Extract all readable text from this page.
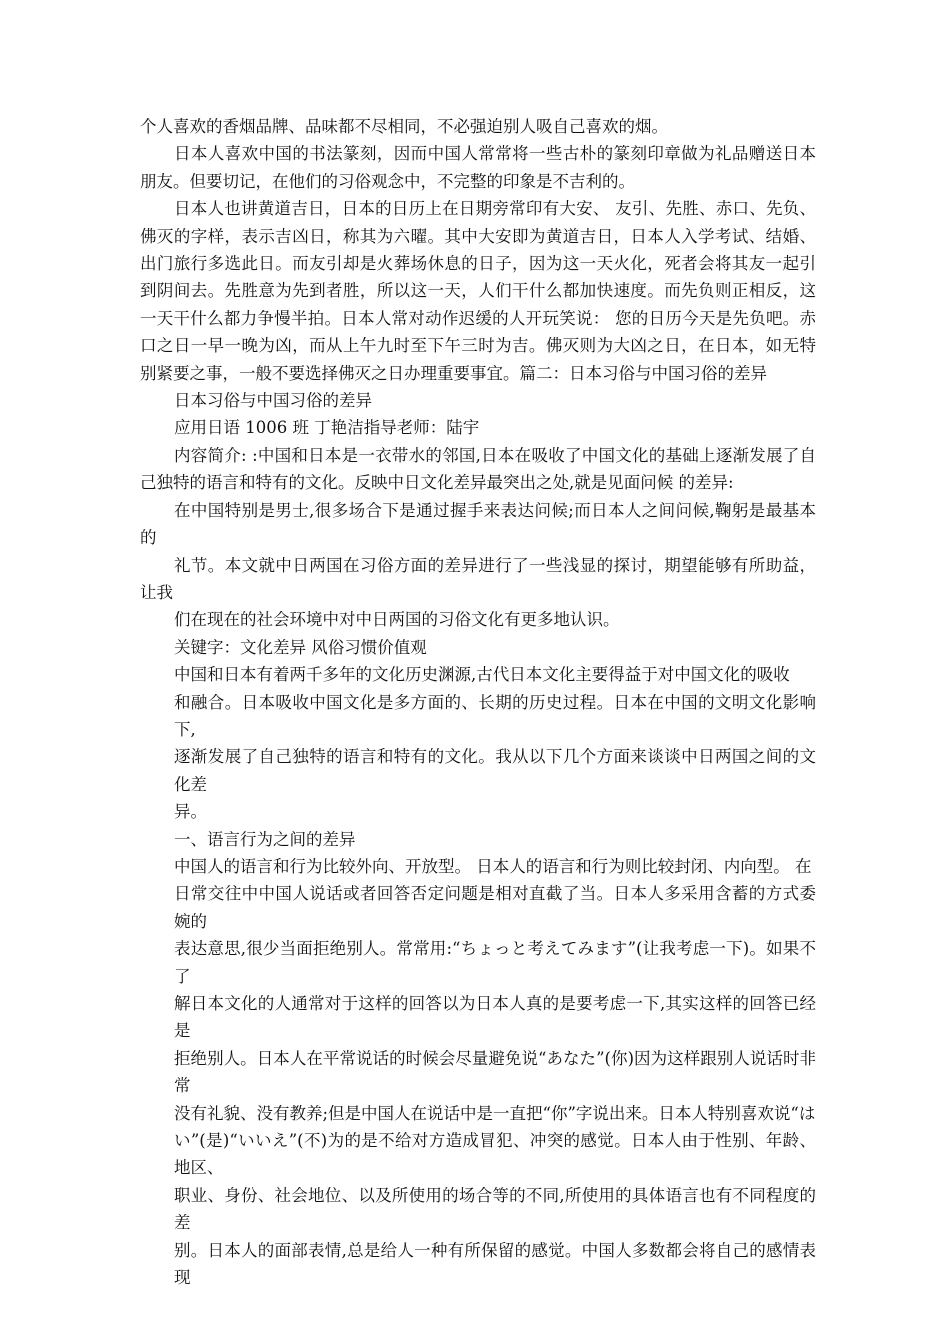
个人喜欢的香烟品牌、品味都不尽相同，不必强迫别人吸自己喜欢的烟。

日本人喜欢中国的书法篆刻，因而中国人常常将一些古朴的篆刻印章做为礼品赠送日本朋友。但要切记，在他们的习俗观念中，不完整的印象是不吉利的。

日本人也讲黄道吉日，日本的日历上在日期旁常印有大安、 友引、先胜、赤口、先负、佛灭的字样，表示吉凶日，称其为六曜。其中大安即为黄道吉日，日本人入学考试、结婚、出门旅行多选此日。而友引却是火葬场休息的日子，因为这一天火化，死者会将其友一起引到阴间去。先胜意为先到者胜，所以这一天，人们干什么都加快速度。而先负则正相反，这一天干什么都力争慢半拍。日本人常对动作迟缓的人开玩笑说： 您的日历今天是先负吧。赤口之日一早一晚为凶，而从上午九时至下午三时为吉。佛灭则为大凶之日，在日本，如无特别紧要之事，一般不要选择佛灭之日办理重要事宜。篇二：日本习俗与中国习俗的差异

日本习俗与中国习俗的差异

应用日语 1006 班 丁艳洁指导老师：陆宇

内容简介: :中国和日本是一衣带水的邻国,日本在吸收了中国文化的基础上逐渐发展了自己独特的语言和特有的文化。反映中日文化差异最突出之处,就是见面问候 的差异:

在中国特别是男士,很多场合下是通过握手来表达问候;而日本人之间问候,鞠躬是最基本的

礼节。本文就中日两国在习俗方面的差异进行了一些浅显的探讨，期望能够有所助益，让我

们在现在的社会环境中对中日两国的习俗文化有更多地认识。

关键字：文化差异 风俗习惯价值观

中国和日本有着两千多年的文化历史渊源,古代日本文化主要得益于对中国文化的吸收

和融合。日本吸收中国文化是多方面的、长期的历史过程。日本在中国的文明文化影响下,

逐渐发展了自己独特的语言和特有的文化。我从以下几个方面来谈谈中日两国之间的文化差

异。

一、语言行为之间的差异

中国人的语言和行为比较外向、开放型。 日本人的语言和行为则比较封闭、内向型。 在

日常交往中中国人说话或者回答否定问题是相对直截了当。日本人多采用含蓄的方式委婉的

表达意思,很少当面拒绝别人。常常用:“ちょっと考えてみます”(让我考虑一下)。如果不了

解日本文化的人通常对于这样的回答以为日本人真的是要考虑一下,其实这样的回答已经是

拒绝别人。日本人在平常说话的时候会尽量避免说“あなた”(你)因为这样跟别人说话时非常

没有礼貌、没有教养;但是中国人在说话中是一直把“你”字说出来。日本人特别喜欢说“は

い”(是)“いいえ”(不)为的是不给对方造成冒犯、冲突的感觉。日本人由于性别、年龄、地区、

职业、身份、社会地位、以及所使用的场合等的不同,所使用的具体语言也有不同程度的差

别。日本人的面部表情,总是给人一种有所保留的感觉。中国人多数都会将自己的感情表现
